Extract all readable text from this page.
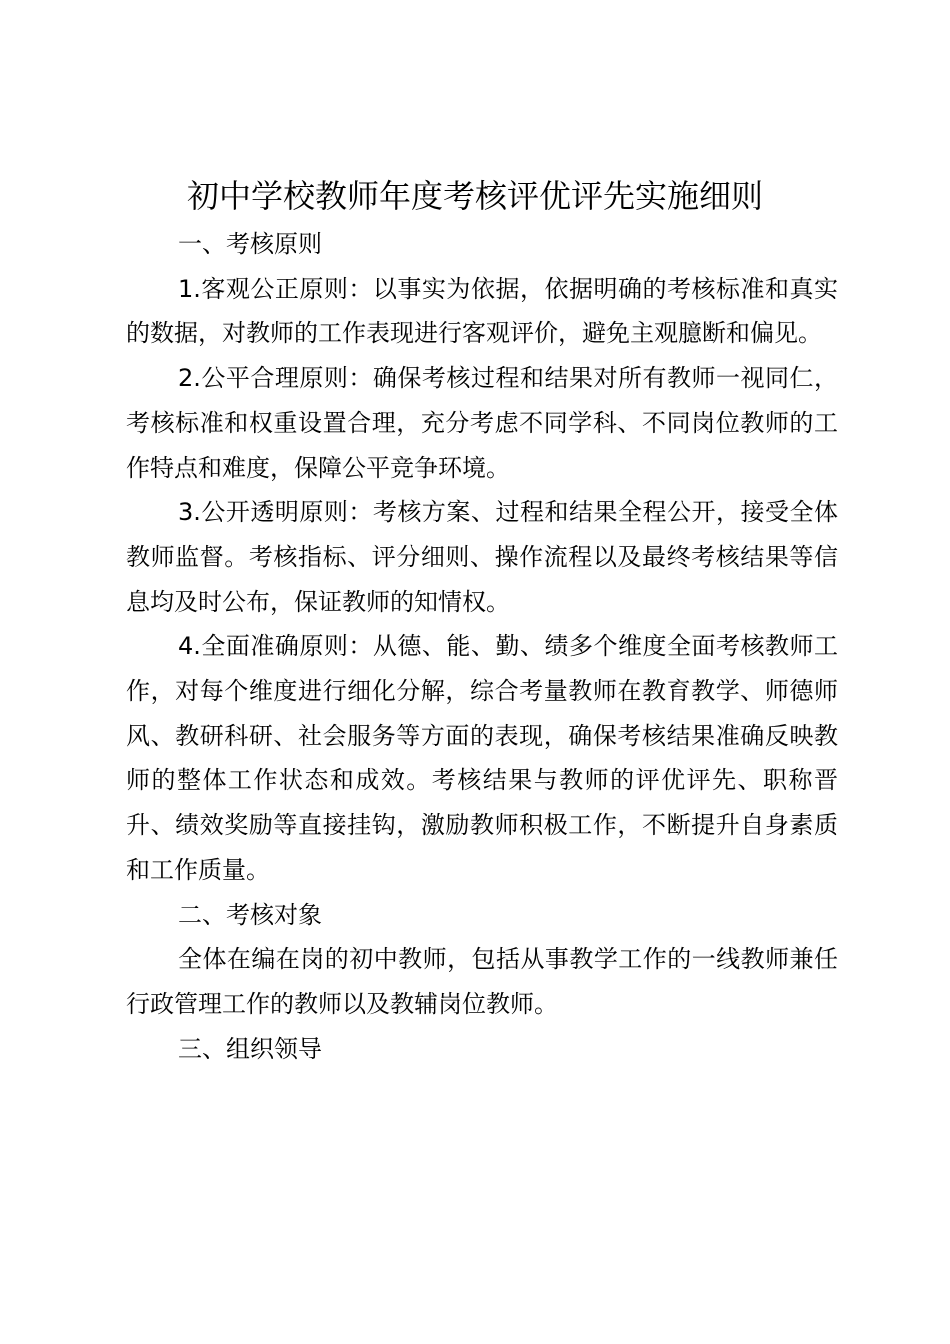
初中学校教师年度考核评优评先实施细则

一、考核原则

1.客观公正原则：以事实为依据，依据明确的考核标准和真实的数据，对教师的工作表现进行客观评价，避免主观臆断和偏见。

2.公平合理原则：确保考核过程和结果对所有教师一视同仁，考核标准和权重设置合理，充分考虑不同学科、不同岗位教师的工作特点和难度，保障公平竞争环境。

3.公开透明原则：考核方案、过程和结果全程公开，接受全体教师监督。考核指标、评分细则、操作流程以及最终考核结果等信息均及时公布，保证教师的知情权。

4.全面准确原则：从德、能、勤、绩多个维度全面考核教师工作，对每个维度进行细化分解，综合考量教师在教育教学、师德师风、教研科研、社会服务等方面的表现，确保考核结果准确反映教师的整体工作状态和成效。考核结果与教师的评优评先、职称晋升、绩效奖励等直接挂钩，激励教师积极工作，不断提升自身素质和工作质量。

二、考核对象

全体在编在岗的初中教师，包括从事教学工作的一线教师兼任行政管理工作的教师以及教辅岗位教师。

三、组织领导
